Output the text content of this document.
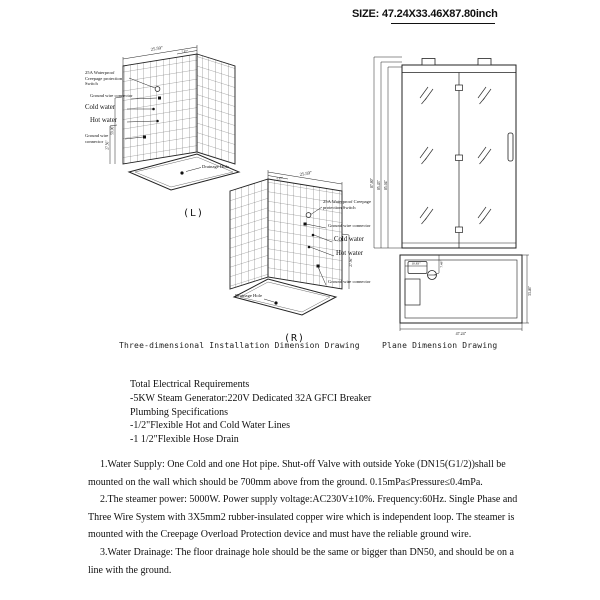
SIZE: 47.24X33.46X87.80inch
25.59"	7.87"
59.06"
27.56"
25A Waterproof Creepage protection Switch
Ground wire connector
Cold water
Hot water
Ground wire connector
Drainage Hole
(L)
25.59"
7.87"
27.56"
25A Waterproof Creepage protection Switch
Ground wire connector
Cold water
Hot water
Ground wire connector
Drainage Hole
(R)
87.80" 85.43" 85.04"
10.83"	7.48"
33.46"
47.24"
Three-dimensional Installation Dimension Drawing	Plane Dimension Drawing
Total Electrical Requirements
-5KW Steam Generator:220V Dedicated 32A GFCI Breaker
Plumbing Specifications
-1/2"Flexible Hot and Cold Water Lines
-1 1/2"Flexible Hose Drain

1.Water Supply: One Cold and one Hot pipe. Shut-off Valve with outside Yoke (DN15(G1/2))shall be mounted on the wall which should be 700mm above from the ground. 0.15mPa≤Pressure≤0.4mPa.

2.The steamer power: 5000W. Power supply voltage:AC230V±10%. Frequency:60Hz. Single Phase and Three Wire System with 3X5mm2 rubber-insulated copper wire which is independent loop. The steamer is mounted with the Creepage Overload Protection device and must have the reliable ground wire.

3.Water Drainage: The floor drainage hole should be the same or bigger than DN50, and should be on a line with the ground.
